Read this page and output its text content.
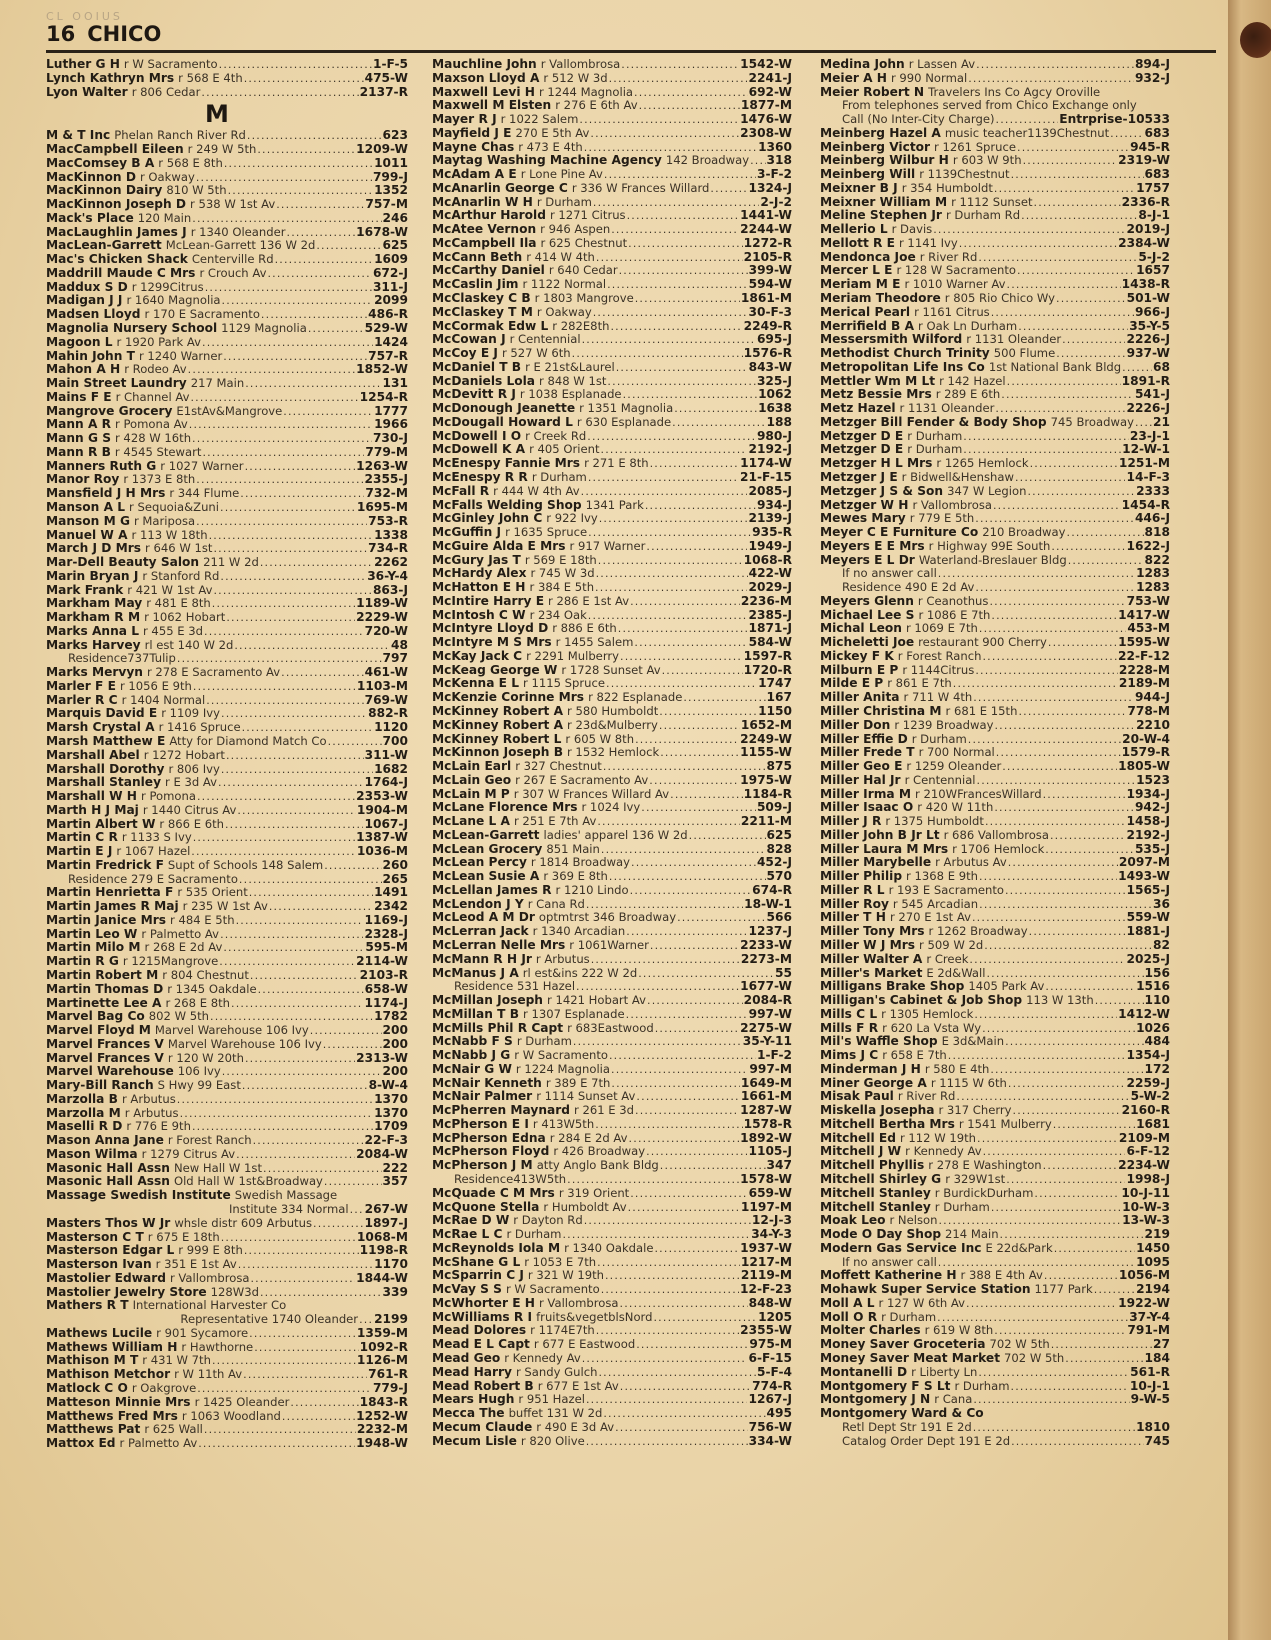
CL OOIUS
16 CHICO
Luther G H r W Sacramento .....	1-F-5
Lynch Kathryn Mrs r 568 E 4th .....	475-W
Lyon Walter r 806 Cedar .....	2137-R
M
M & T Inc Phelan Ranch River Rd .....	623
MacCampbell Eileen r 249 W 5th .....	1209-W
MacComsey B A r 568 E 8th .....	1011
MacKinnon D r Oakway .....	799-J
MacKinnon Dairy 810 W 5th .....	1352
MacKinnon Joseph D r 538 W 1st Av .....	757-M
Mack's Place 120 Main .....	246
MacLaughlin James J r 1340 Oleander .....	1678-W
MacLean-Garrett McLean-Garrett 136 W 2d .....	625
Mac's Chicken Shack Centerville Rd .....	1609
Maddrill Maude C Mrs r Crouch Av .....	672-J
Maddux S D r 1299Citrus .....	311-J
Madigan J J r 1640 Magnolia .....	2099
Madsen Lloyd r 170 E Sacramento .....	486-R
Magnolia Nursery School 1129 Magnolia .....	529-W
Magoon L r 1920 Park Av .....	1424
Mahin John T r 1240 Warner .....	757-R
Mahon A H r Rodeo Av .....	1852-W
Main Street Laundry 217 Main .....	131
Mains F E r Channel Av .....	1254-R
Mangrove Grocery E1stAv&Mangrove .....	1777
Mann A R r Pomona Av .....	1966
Mann G S r 428 W 16th .....	730-J
Mann R B r 4545 Stewart .....	779-M
Manners Ruth G r 1027 Warner .....	1263-W
Manor Roy r 1373 E 8th .....	2355-J
Mansfield J H Mrs r 344 Flume .....	732-M
Manson A L r Sequoia&Zuni .....	1695-M
Manson M G r Mariposa .....	753-R
Manuel W A r 113 W 18th .....	1338
March J D Mrs r 646 W 1st .....	734-R
Mar-Dell Beauty Salon 211 W 2d .....	2262
Marin Bryan J r Stanford Rd .....	36-Y-4
Mark Frank r 421 W 1st Av .....	863-J
Markham May r 481 E 8th .....	1189-W
Markham R M r 1062 Hobart .....	2229-W
Marks Anna L r 455 E 3d .....	720-W
Marks Harvey rl est 140 W 2d .....	48
Residence737Tulip .....	797
Marks Mervyn r 278 E Sacramento Av .....	461-W
Marler F E r 1056 E 9th .....	1103-M
Marler R C r 1404 Normal .....	769-W
Marquis David E r 1109 Ivy .....	882-R
Marsh Crystal A r 1416 Spruce .....	1120
Marsh Matthew E Atty for Diamond Match Co .....	700
Marshall Abel r 1272 Hobart .....	311-W
Marshall Dorothy r 806 Ivy .....	1682
Marshall Stanley r E 3d Av .....	1764-J
Marshall W H r Pomona .....	2353-W
Marth H J Maj r 1440 Citrus Av .....	1904-M
Martin Albert W r 866 E 6th .....	1067-J
Martin C R r 1133 S Ivy .....	1387-W
Martin E J r 1067 Hazel .....	1036-M
Martin Fredrick F Supt of Schools 148 Salem .....	260
Residence 279 E Sacramento .....	265
Martin Henrietta F r 535 Orient .....	1491
Martin James R Maj r 235 W 1st Av .....	2342
Martin Janice Mrs r 484 E 5th .....	1169-J
Martin Leo W r Palmetto Av .....	2328-J
Martin Milo M r 268 E 2d Av .....	595-M
Martin R G r 1215Mangrove .....	2114-W
Martin Robert M r 804 Chestnut .....	2103-R
Martin Thomas D r 1345 Oakdale .....	658-W
Martinette Lee A r 268 E 8th .....	1174-J
Marvel Bag Co 802 W 5th .....	1782
Marvel Floyd M Marvel Warehouse 106 Ivy .....	200
Marvel Frances V Marvel Warehouse 106 Ivy .....	200
Marvel Frances V r 120 W 20th .....	2313-W
Marvel Warehouse 106 Ivy .....	200
Mary-Bill Ranch S Hwy 99 East .....	8-W-4
Marzolla B r Arbutus .....	1370
Marzolla M r Arbutus .....	1370
Maselli R D r 776 E 9th .....	1709
Mason Anna Jane r Forest Ranch .....	22-F-3
Mason Wilma r 1279 Citrus Av .....	2084-W
Masonic Hall Assn New Hall W 1st .....	222
Masonic Hall Assn Old Hall W 1st&Broadway .....	357
Massage Swedish Institute Swedish Massage
Institute 334 Normal ..... 267-W
Masters Thos W Jr whsle distr 609 Arbutus .....	1897-J
Masterson C T r 675 E 18th .....	1068-M
Masterson Edgar L r 999 E 8th .....	1198-R
Masterson Ivan r 351 E 1st Av .....	1170
Mastolier Edward r Vallombrosa .....	1844-W
Mastolier Jewelry Store 128W3d .....	339
Mathers R T International Harvester Co
Representative 1740 Oleander ..... 2199
Mathews Lucile r 901 Sycamore .....	1359-M
Mathews William H r Hawthorne .....	1092-R
Mathison M T r 431 W 7th .....	1126-M
Mathison Metchor r W 11th Av .....	761-R
Matlock C O r Oakgrove .....	779-J
Matteson Minnie Mrs r 1425 Oleander .....	1843-R
Matthews Fred Mrs r 1063 Woodland .....	1252-W
Matthews Pat r 625 Wall .....	2232-M
Mattox Ed r Palmetto Av .....	1948-W
Mauchline John r Vallombrosa .....	1542-W
Maxson Lloyd A r 512 W 3d .....	2241-J
Maxwell Levi H r 1244 Magnolia .....	692-W
Maxwell M Elsten r 276 E 6th Av .....	1877-M
Mayer R J r 1022 Salem .....	1476-W
Mayfield J E 270 E 5th Av .....	2308-W
Mayne Chas r 473 E 4th .....	1360
Maytag Washing Machine Agency 142 Broadway ..... 318
McAdam A E r Lone Pine Av .....	3-F-2
McAnarlin George C r 336 W Frances Willard .....	1324-J
McAnarlin W H r Durham .....	2-J-2
McArthur Harold r 1271 Citrus .....	1441-W
McAtee Vernon r 946 Aspen .....	2244-W
McCampbell Ila r 625 Chestnut .....	1272-R
McCann Beth r 414 W 4th .....	2105-R
McCarthy Daniel r 640 Cedar .....	399-W
McCaslin Jim r 1122 Normal .....	594-W
McClaskey C B r 1803 Mangrove .....	1861-M
McClaskey T M r Oakway .....	30-F-3
McCormak Edw L r 282E8th .....	2249-R
McCowan J r Centennial .....	695-J
McCoy E J r 527 W 6th .....	1576-R
McDaniel T B r E 21st&Laurel .....	843-W
McDaniels Lola r 848 W 1st .....	325-J
McDevitt R J r 1038 Esplanade .....	1062
McDonough Jeanette r 1351 Magnolia .....	1638
McDougall Howard L r 630 Esplanade .....	188
McDowell I O r Creek Rd .....	980-J
McDowell K A r 405 Orient .....	2192-J
McEnespy Fannie Mrs r 271 E 8th .....	1174-W
McEnespy R R r Durham .....	21-F-15
McFall R r 444 W 4th Av .....	2085-J
McFalls Welding Shop 1341 Park .....	934-J
McGinley John C r 922 Ivy .....	2139-J
McGuffin J r 1635 Spruce .....	935-R
McGuire Alda E Mrs r 917 Warner .....	1949-J
McGury Jas T r 569 E 18th .....	1068-R
McHardy Alex r 745 W 3d .....	422-W
McHatton E H r 384 E 5th .....	2029-J
McIntire Harry E r 286 E 1st Av .....	2236-M
McIntosh C W r 234 Oak .....	2385-J
McIntyre Lloyd D r 886 E 6th .....	1871-J
McIntyre M S Mrs r 1455 Salem .....	584-W
McKay Jack C r 2291 Mulberry .....	1597-R
McKeag George W r 1728 Sunset Av .....	1720-R
McKenna E L r 1115 Spruce .....	1747
McKenzie Corinne Mrs r 822 Esplanade .....	167
McKinney Robert A r 580 Humboldt .....	1150
McKinney Robert A r 23d&Mulberry .....	1652-M
McKinney Robert L r 605 W 8th .....	2249-W
McKinnon Joseph B r 1532 Hemlock .....	1155-W
McLain Earl r 327 Chestnut .....	875
McLain Geo r 267 E Sacramento Av .....	1975-W
McLain M P r 307 W Frances Willard Av .....	1184-R
McLane Florence Mrs r 1024 Ivy .....	509-J
McLane L A r 251 E 7th Av .....	2211-M
McLean-Garrett ladies' apparel 136 W 2d .....	625
McLean Grocery 851 Main .....	828
McLean Percy r 1814 Broadway .....	452-J
McLean Susie A r 369 E 8th .....	570
McLellan James R r 1210 Lindo .....	674-R
McLendon J Y r Cana Rd .....	18-W-1
McLeod A M Dr optmtrst 346 Broadway .....	566
McLerran Jack r 1340 Arcadian .....	1237-J
McLerran Nelle Mrs r 1061Warner .....	2233-W
McMann R H Jr r Arbutus .....	2273-M
McManus J A rl est&ins 222 W 2d .....	55
Residence 531 Hazel .....	1677-W
McMillan Joseph r 1421 Hobart Av .....	2084-R
McMillan T B r 1307 Esplanade .....	997-W
McMills Phil R Capt r 683Eastwood .....	2275-W
McNabb F S r Durham .....	35-Y-11
McNabb J G r W Sacramento .....	1-F-2
McNair G W r 1224 Magnolia .....	997-M
McNair Kenneth r 389 E 7th .....	1649-M
McNair Palmer r 1114 Sunset Av .....	1661-M
McPherren Maynard r 261 E 3d .....	1287-W
McPherson E I r 413W5th .....	1578-R
McPherson Edna r 284 E 2d Av .....	1892-W
McPherson Floyd r 426 Broadway .....	1105-J
McPherson J M atty Anglo Bank Bldg .....	347
Residence413W5th .....	1578-W
McQuade C M Mrs r 319 Orient .....	659-W
McQuone Stella r Humboldt Av .....	1197-M
McRae D W r Dayton Rd .....	12-J-3
McRae L C r Durham .....	34-Y-3
McReynolds Iola M r 1340 Oakdale .....	1937-W
McShane G L r 1053 E 7th .....	1217-M
McSparrin C J r 321 W 19th .....	2119-M
McVay S S r W Sacramento .....	12-F-23
McWhorter E H r Vallombrosa .....	848-W
McWilliams R I fruits&vegetblsNord .....	1205
Mead Dolores r 1174E7th .....	2355-W
Mead E L Capt r 677 E Eastwood .....	975-M
Mead Geo r Kennedy Av .....	6-F-15
Mead Harry r Sandy Gulch .....	5-F-4
Mead Robert B r 677 E 1st Av .....	774-R
Mears Hugh r 951 Hazel .....	1267-J
Mecca The buffet 131 W 2d .....	495
Mecum Claude r 490 E 3d Av .....	756-W
Mecum Lisle r 820 Olive .....	334-W
Medina John r Lassen Av .....	894-J
Meier A H r 990 Normal .....	932-J
Meier Robert N Travelers Ins Co Agcy Oroville
From telephones served from Chico Exchange only
Call (No Inter-City Charge) .....	Entrprise-10533
Meinberg Hazel A music teacher1139Chestnut .....	683
Meinberg Victor r 1261 Spruce .....	945-R
Meinberg Wilbur H r 603 W 9th .....	2319-W
Meinberg Will r 1139Chestnut .....	683
Meixner B J r 354 Humboldt .....	1757
Meixner William M r 1112 Sunset .....	2336-R
Meline Stephen Jr r Durham Rd .....	8-J-1
Mellerio L r Davis .....	2019-J
Mellott R E r 1141 Ivy .....	2384-W
Mendonca Joe r River Rd .....	5-J-2
Mercer L E r 128 W Sacramento .....	1657
Meriam M E r 1010 Warner Av .....	1438-R
Meriam Theodore r 805 Rio Chico Wy .....	501-W
Merical Pearl r 1161 Citrus .....	966-J
Merrifield B A r Oak Ln Durham .....	35-Y-5
Messersmith Wilford r 1131 Oleander .....	2226-J
Methodist Church Trinity 500 Flume .....	937-W
Metropolitan Life Ins Co 1st National Bank Bldg .....	68
Mettler Wm M Lt r 142 Hazel .....	1891-R
Metz Bessie Mrs r 289 E 6th .....	541-J
Metz Hazel r 1131 Oleander .....	2226-J
Metzger Bill Fender & Body Shop 745 Broadway ..... 21
Metzger D E r Durham .....	23-J-1
Metzger D E r Durham .....	12-W-1
Metzger H L Mrs r 1265 Hemlock .....	1251-M
Metzger J E r Bidwell&Henshaw .....	14-F-3
Metzger J S & Son 347 W Legion .....	2333
Metzger W H r Vallombrosa .....	1454-R
Mewes Mary r 779 E 5th .....	446-J
Meyer C E Furniture Co 210 Broadway .....	818
Meyers E E Mrs r Highway 99E South .....	1622-J
Meyers E L Dr Waterland-Breslauer Bldg .....	822
If no answer call .....	1283
Residence 490 E 2d Av .....	1283
Meyers Glenn r Ceanothus .....	753-W
Michael Lee S r 1086 E 7th .....	1417-W
Michal Leon r 1069 E 7th .....	453-M
Micheletti Joe restaurant 900 Cherry .....	1595-W
Mickey F K r Forest Ranch .....	22-F-12
Milburn E P r 1144Citrus .....	2228-M
Milde E P r 861 E 7th .....	2189-M
Miller Anita r 711 W 4th .....	944-J
Miller Christina M r 681 E 15th .....	778-M
Miller Don r 1239 Broadway .....	2210
Miller Effie D r Durham .....	20-W-4
Miller Frede T r 700 Normal .....	1579-R
Miller Geo E r 1259 Oleander .....	1805-W
Miller Hal Jr r Centennial .....	1523
Miller Irma M r 210WFrancesWillard .....	1934-J
Miller Isaac O r 420 W 11th .....	942-J
Miller J R r 1375 Humboldt .....	1458-J
Miller John B Jr Lt r 686 Vallombrosa .....	2192-J
Miller Laura M Mrs r 1706 Hemlock .....	535-J
Miller Marybelle r Arbutus Av .....	2097-M
Miller Philip r 1368 E 9th .....	1493-W
Miller R L r 193 E Sacramento .....	1565-J
Miller Roy r 545 Arcadian .....	36
Miller T H r 270 E 1st Av .....	559-W
Miller Tony Mrs r 1262 Broadway .....	1881-J
Miller W J Mrs r 509 W 2d .....	82
Miller Walter A r Creek .....	2025-J
Miller's Market E 2d&Wall .....	156
Milligans Brake Shop 1405 Park Av .....	1516
Milligan's Cabinet & Job Shop 113 W 13th .....	110
Mills C L r 1305 Hemlock .....	1412-W
Mills F R r 620 La Vsta Wy .....	1026
Mil's Waffle Shop E 3d&Main .....	484
Mims J C r 658 E 7th .....	1354-J
Minderman J H r 580 E 4th .....	172
Miner George A r 1115 W 6th .....	2259-J
Misak Paul r River Rd .....	5-W-2
Miskella Josepha r 317 Cherry .....	2160-R
Mitchell Bertha Mrs r 1541 Mulberry .....	1681
Mitchell Ed r 112 W 19th .....	2109-M
Mitchell J W r Kennedy Av .....	6-F-12
Mitchell Phyllis r 278 E Washington .....	2234-W
Mitchell Shirley G r 329W1st .....	1998-J
Mitchell Stanley r BurdickDurham .....	10-J-11
Mitchell Stanley r Durham .....	10-W-3
Moak Leo r Nelson .....	13-W-3
Mode O Day Shop 214 Main .....	219
Modern Gas Service Inc E 22d&Park .....	1450
If no answer call .....	1095
Moffett Katherine H r 388 E 4th Av .....	1056-M
Mohawk Super Service Station 1177 Park .....	2194
Moll A L r 127 W 6th Av .....	1922-W
Moll O R r Durham .....	37-Y-4
Molter Charles r 619 W 8th .....	791-M
Money Saver Groceteria 702 W 5th .....	27
Money Saver Meat Market 702 W 5th .....	184
Montanelli D r Liberty Ln .....	561-R
Montgomery F S Lt r Durham .....	10-J-1
Montgomery J N r Cana .....	9-W-5
Montgomery Ward & Co
Retl Dept Str 191 E 2d .....	1810
Catalog Order Dept 191 E 2d .....	745
